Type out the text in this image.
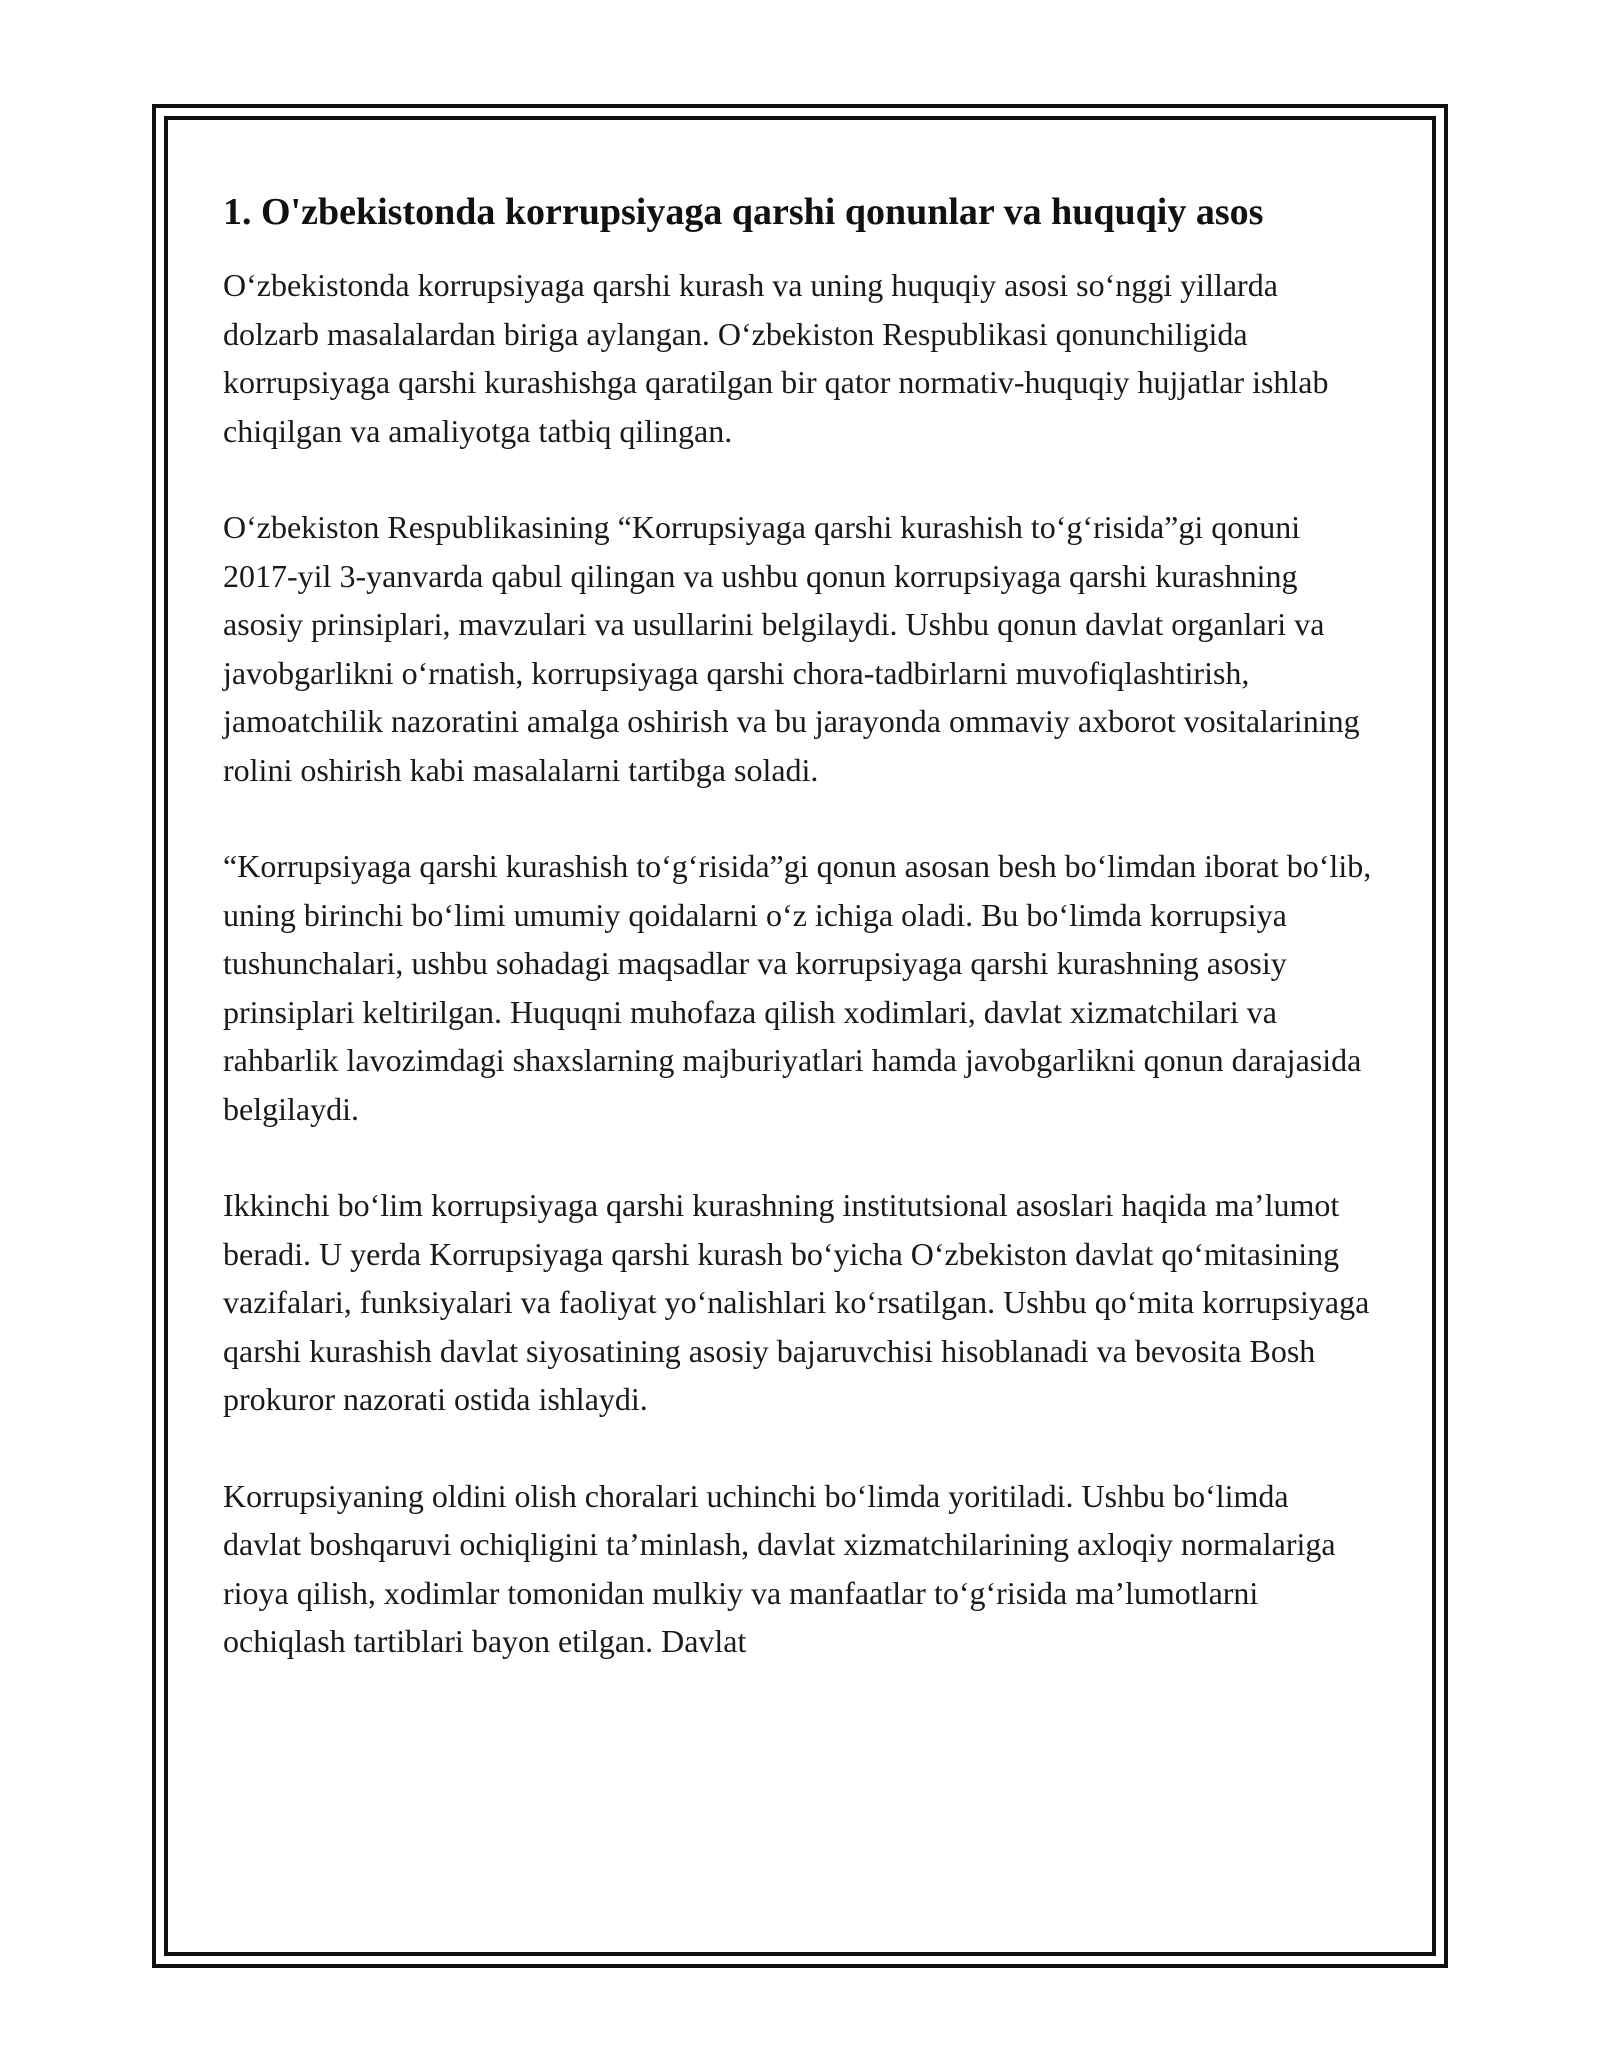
1. O'zbekistonda korrupsiyaga qarshi qonunlar va huquqiy asos

O‘zbekistonda korrupsiyaga qarshi kurash va uning huquqiy asosi so‘nggi yillarda dolzarb masalalardan biriga aylangan. O‘zbekiston Respublikasi qonunchiligida korrupsiyaga qarshi kurashishga qaratilgan bir qator normativ-huquqiy hujjatlar ishlab chiqilgan va amaliyotga tatbiq qilingan.

O‘zbekiston Respublikasining “Korrupsiyaga qarshi kurashish to‘g‘risida”gi qonuni 2017-yil 3-yanvarda qabul qilingan va ushbu qonun korrupsiyaga qarshi kurashning asosiy prinsiplari, mavzulari va usullarini belgilaydi. Ushbu qonun davlat organlari va javobgarlikni o‘rnatish, korrupsiyaga qarshi chora-tadbirlarni muvofiqlashtirish, jamoatchilik nazoratini amalga oshirish va bu jarayonda ommaviy axborot vositalarining rolini oshirish kabi masalalarni tartibga soladi.

“Korrupsiyaga qarshi kurashish to‘g‘risida”gi qonun asosan besh bo‘limdan iborat bo‘lib, uning birinchi bo‘limi umumiy qoidalarni o‘z ichiga oladi. Bu bo‘limda korrupsiya tushunchalari, ushbu sohadagi maqsadlar va korrupsiyaga qarshi kurashning asosiy prinsiplari keltirilgan. Huquqni muhofaza qilish xodimlari, davlat xizmatchilari va rahbarlik lavozimdagi shaxslarning majburiyatlari hamda javobgarlikni qonun darajasida belgilaydi.

Ikkinchi bo‘lim korrupsiyaga qarshi kurashning institutsional asoslari haqida ma’lumot beradi. U yerda Korrupsiyaga qarshi kurash bo‘yicha O‘zbekiston davlat qo‘mitasining vazifalari, funksiyalari va faoliyat yo‘nalishlari ko‘rsatilgan. Ushbu qo‘mita korrupsiyaga qarshi kurashish davlat siyosatining asosiy bajaruvchisi hisoblanadi va bevosita Bosh prokuror nazorati ostida ishlaydi.

Korrupsiyaning oldini olish choralari uchinchi bo‘limda yoritiladi. Ushbu bo‘limda davlat boshqaruvi ochiqligini ta’minlash, davlat xizmatchilarining axloqiy normalariga rioya qilish, xodimlar tomonidan mulkiy va manfaatlar to‘g‘risida ma’lumotlarni ochiqlash tartiblari bayon etilgan. Davlat
